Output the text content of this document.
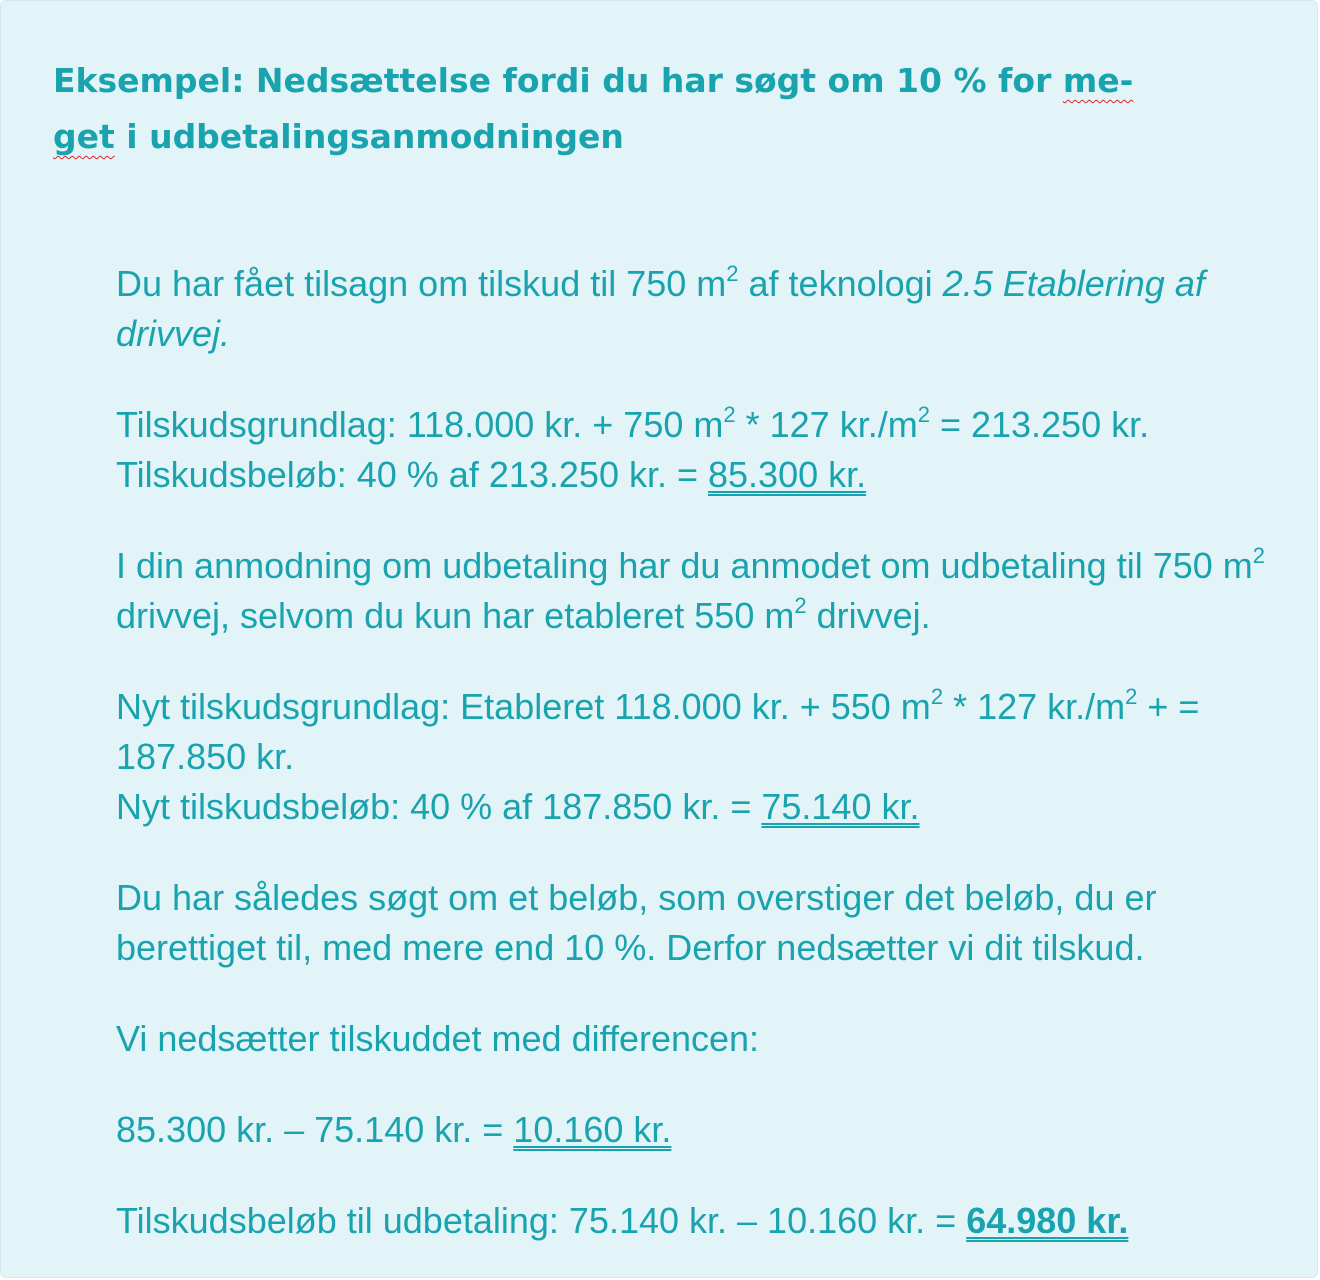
Eksempel: Nedsættelse fordi du har søgt om 10 % for me-
get i udbetalingsanmodningen

Du har fået tilsagn om tilskud til 750 $m^2$ af teknologi 2.5 Etablering af drivvej.

Tilskudsgrundlag: 118.000 kr. + 750 $m^2 * 127$ $kr./m^2 = 213.250$ kr.
Tilskudsbeløb: 40 % af 213.250 kr. = 85.300 kr.

I din anmodning om udbetaling har du anmodet om udbetaling til 750 $m^2$ drivvej, selvom du kun har etableret 550 $m^2$ drivvej.

Nyt tilskudsgrundlag: Etableret 118.000 kr. + 550 $m^2 * 127$ $kr./m^2$ + = 187.850 kr.
Nyt tilskudsbeløb: 40 % af 187.850 kr. = 75.140 kr.

Du har således søgt om et beløb, som overstiger det beløb, du er berettiget til, med mere end 10 %. Derfor nedsætter vi dit tilskud.

Vi nedsætter tilskuddet med differencen:

85.300 kr. – 75.140 kr. = 10.160 kr.

Tilskudsbeløb til udbetaling: 75.140 kr. – 10.160 kr. = 64.980 kr.
